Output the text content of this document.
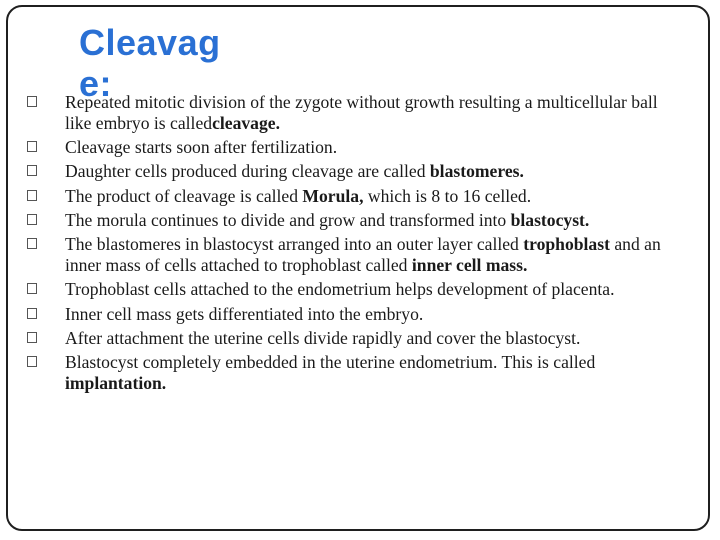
Cleavag
e:
Repeated mitotic division of the zygote without growth resulting a multicellular ball like embryo is calledcleavage.
Cleavage starts soon after fertilization.
Daughter cells produced during cleavage are called blastomeres.
The product of cleavage is called Morula, which is 8 to 16 celled.
The morula continues to divide and grow and transformed into blastocyst.
The blastomeres in blastocyst arranged into an outer layer called trophoblast and an inner mass of cells attached to trophoblast called inner cell mass.
Trophoblast cells attached to the endometrium helps development of placenta.
Inner cell mass gets differentiated into the embryo.
After attachment the uterine cells divide rapidly and cover the blastocyst.
Blastocyst completely embedded in the uterine endometrium. This is called implantation.
